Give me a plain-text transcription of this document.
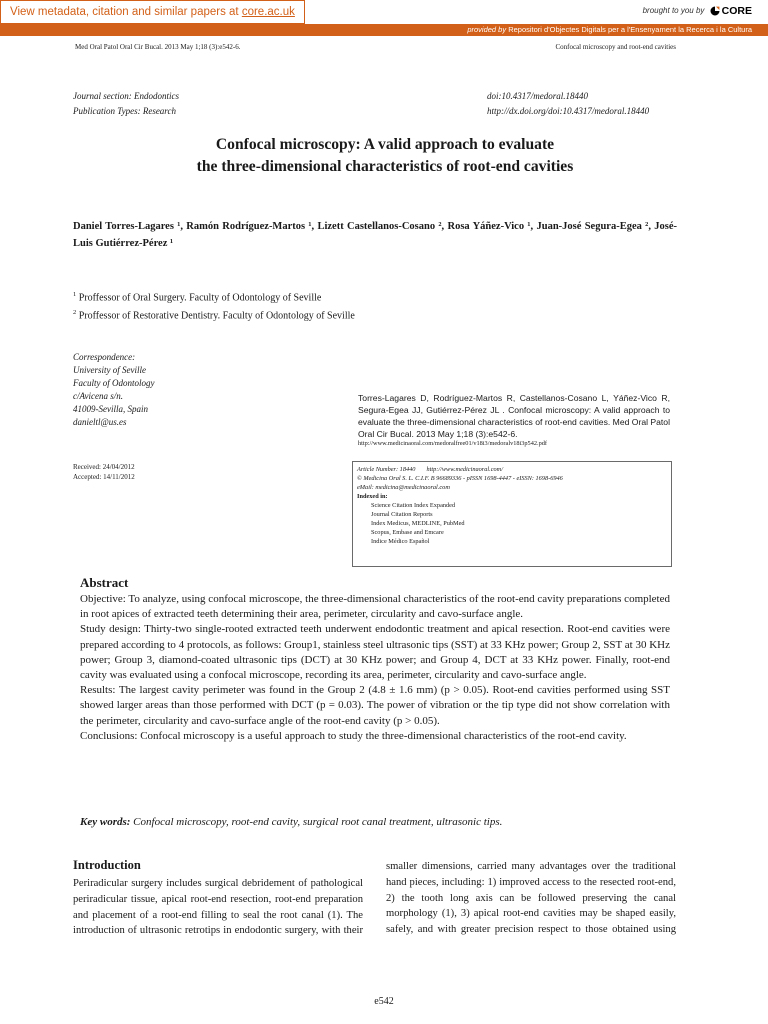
View metadata, citation and similar papers at core.ac.uk	brought to you by CORE
provided by Repositori d'Objectes Digitals per a l'Ensenyament la Recerca i la Cultura
Med Oral Patol Oral Cir Bucal. 2013 May 1;18 (3):e542-6.	Confocal microscopy and root-end cavities
Journal section: Endodontics
Publication Types: Research
doi:10.4317/medoral.18440
http://dx.doi.org/doi:10.4317/medoral.18440
Confocal microscopy: A valid approach to evaluate
the three-dimensional characteristics of root-end cavities
Daniel Torres-Lagares ¹, Ramón Rodríguez-Martos ¹, Lizett Castellanos-Cosano ², Rosa Yáñez-Vico ¹, Juan-José Segura-Egea ², José-Luis Gutiérrez-Pérez ¹
$^1$ Proffessor of Oral Surgery. Faculty of Odontology of Seville
$^2$ Proffessor of Restorative Dentistry. Faculty of Odontology of Seville
Correspondence:
University of Seville
Faculty of Odontology
c/Avicena s/n.
41009-Sevilla, Spain
danieltl@us.es
Torres-Lagares D, Rodríguez-Martos R, Castellanos-Cosano L, Yáñez-Vico R, Segura-Egea JJ, Gutiérrez-Pérez JL . Confocal microscopy: A valid approach to evaluate the three-dimensional characteristics of root-end cavities. Med Oral Patol Oral Cir Bucal. 2013 May 1;18 (3):e542-6.
http://www.medicinaoral.com/medoralfree01/v18i3/medoralv18i3p542.pdf
Received: 24/04/2012
Accepted: 14/11/2012
Article Number: 18440 http://www.medicinaoral.com/
© Medicina Oral S. L. C.I.F. B 96689336 - pISSN 1698-4447 - eISSN: 1698-6946
eMail: medicina@medicinaoral.com
Indexed in:
Science Citation Index Expanded
Journal Citation Reports
Index Medicus, MEDLINE, PubMed
Scopus, Embase and Emcare
Indice Médico Español
Abstract

Objective: To analyze, using confocal microscope, the three-dimensional characteristics of the root-end cavity preparations completed in root apices of extracted teeth determining their area, perimeter, circularity and cavo-surface angle.

Study design: Thirty-two single-rooted extracted teeth underwent endodontic treatment and apical resection. Root-end cavities were prepared according to 4 protocols, as follows: Group1, stainless steel ultrasonic tips (SST) at 33 KHz power; Group 2, SST at 30 KHz power; Group 3, diamond-coated ultrasonic tips (DCT) at 30 KHz power; and Group 4, DCT at 33 KHz power. Finally, root-end cavity was evaluated using a confocal microscope, recording its area, perimeter, circularity and cavo-surface angle.

Results: The largest cavity perimeter was found in the Group 2 (4.8 ± 1.6 mm) (p > 0.05). Root-end cavities performed using SST showed larger areas than those performed with DCT (p = 0.03). The power of vibration or the tip type did not show correlation with the perimeter, circularity and cavo-surface angle of the root-end cavity (p > 0.05).

Conclusions: Confocal microscopy is a useful approach to study the three-dimensional characteristics of the root-end cavity.

Key words: Confocal microscopy, root-end cavity, surgical root canal treatment, ultrasonic tips.
Introduction
Periradicular surgery includes surgical debridement of pathological periradicular tissue, apical root-end resection, root-end preparation and placement of a root-end filling to seal the root canal (1). The introduction of ultrasonic retrotips in endodontic surgery, with their
smaller dimensions, carried many advantages over the traditional hand pieces, including: 1) improved access to the resected root-end, 2) the tooth long axis can be followed preserving the canal morphology (1), 3) apical root-end cavities may be shaped easily, safely, and with greater precision respect to those obtained using
e542
